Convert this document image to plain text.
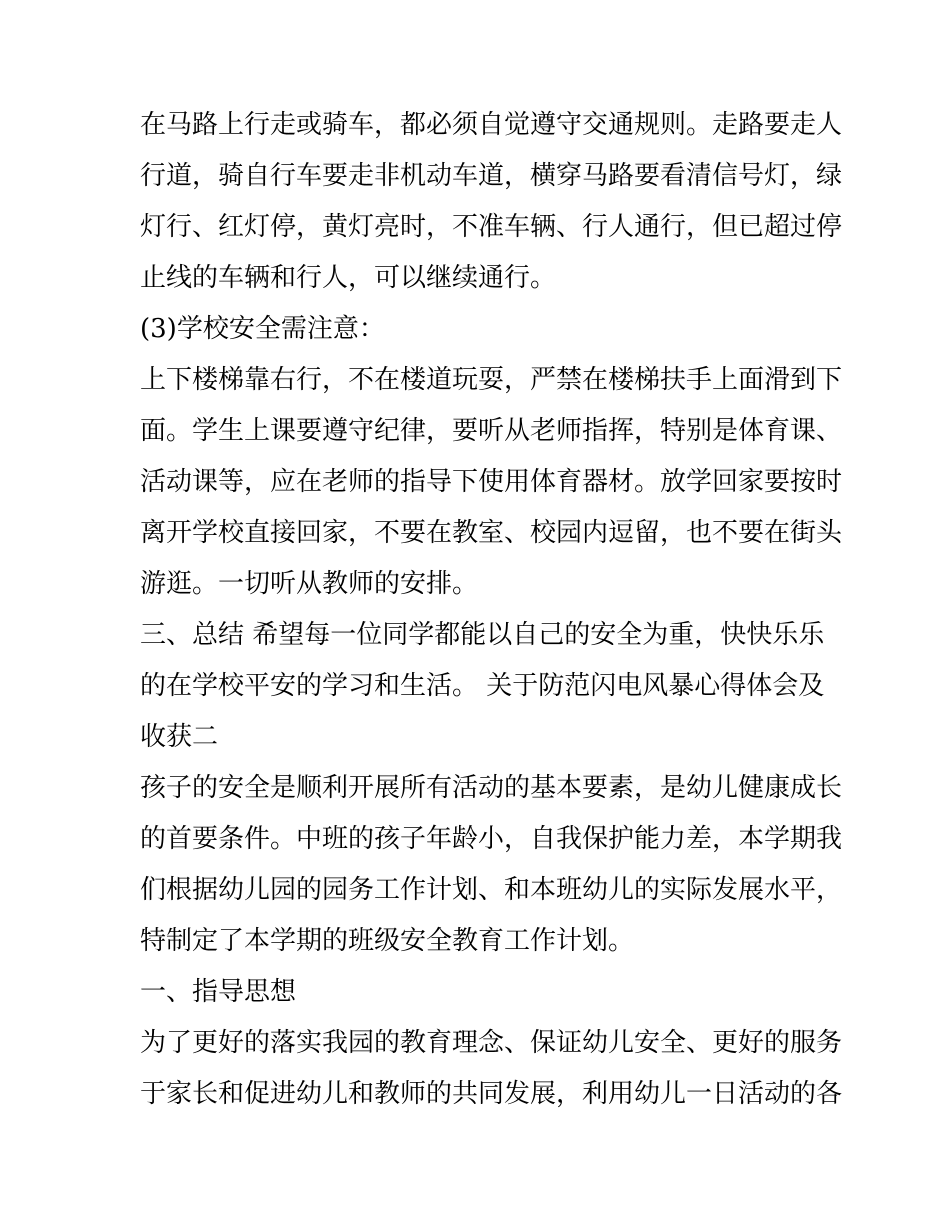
在马路上行走或骑车，都必须自觉遵守交通规则。走路要走人
行道，骑自行车要走非机动车道，横穿马路要看清信号灯，绿
灯行、红灯停，黄灯亮时，不准车辆、行人通行，但已超过停
止线的车辆和行人，可以继续通行。
(3)学校安全需注意：
上下楼梯靠右行，不在楼道玩耍，严禁在楼梯扶手上面滑到下
面。学生上课要遵守纪律，要听从老师指挥，特别是体育课、
活动课等，应在老师的指导下使用体育器材。放学回家要按时
离开学校直接回家，不要在教室、校园内逗留，也不要在街头
游逛。一切听从教师的安排。
三、总结 希望每一位同学都能以自己的安全为重，快快乐乐
的在学校平安的学习和生活。 关于防范闪电风暴心得体会及
收获二
孩子的安全是顺利开展所有活动的基本要素，是幼儿健康成长
的首要条件。中班的孩子年龄小，自我保护能力差，本学期我
们根据幼儿园的园务工作计划、和本班幼儿的实际发展水平，
特制定了本学期的班级安全教育工作计划。
一、指导思想
为了更好的落实我园的教育理念、保证幼儿安全、更好的服务
于家长和促进幼儿和教师的共同发展，利用幼儿一日活动的各
